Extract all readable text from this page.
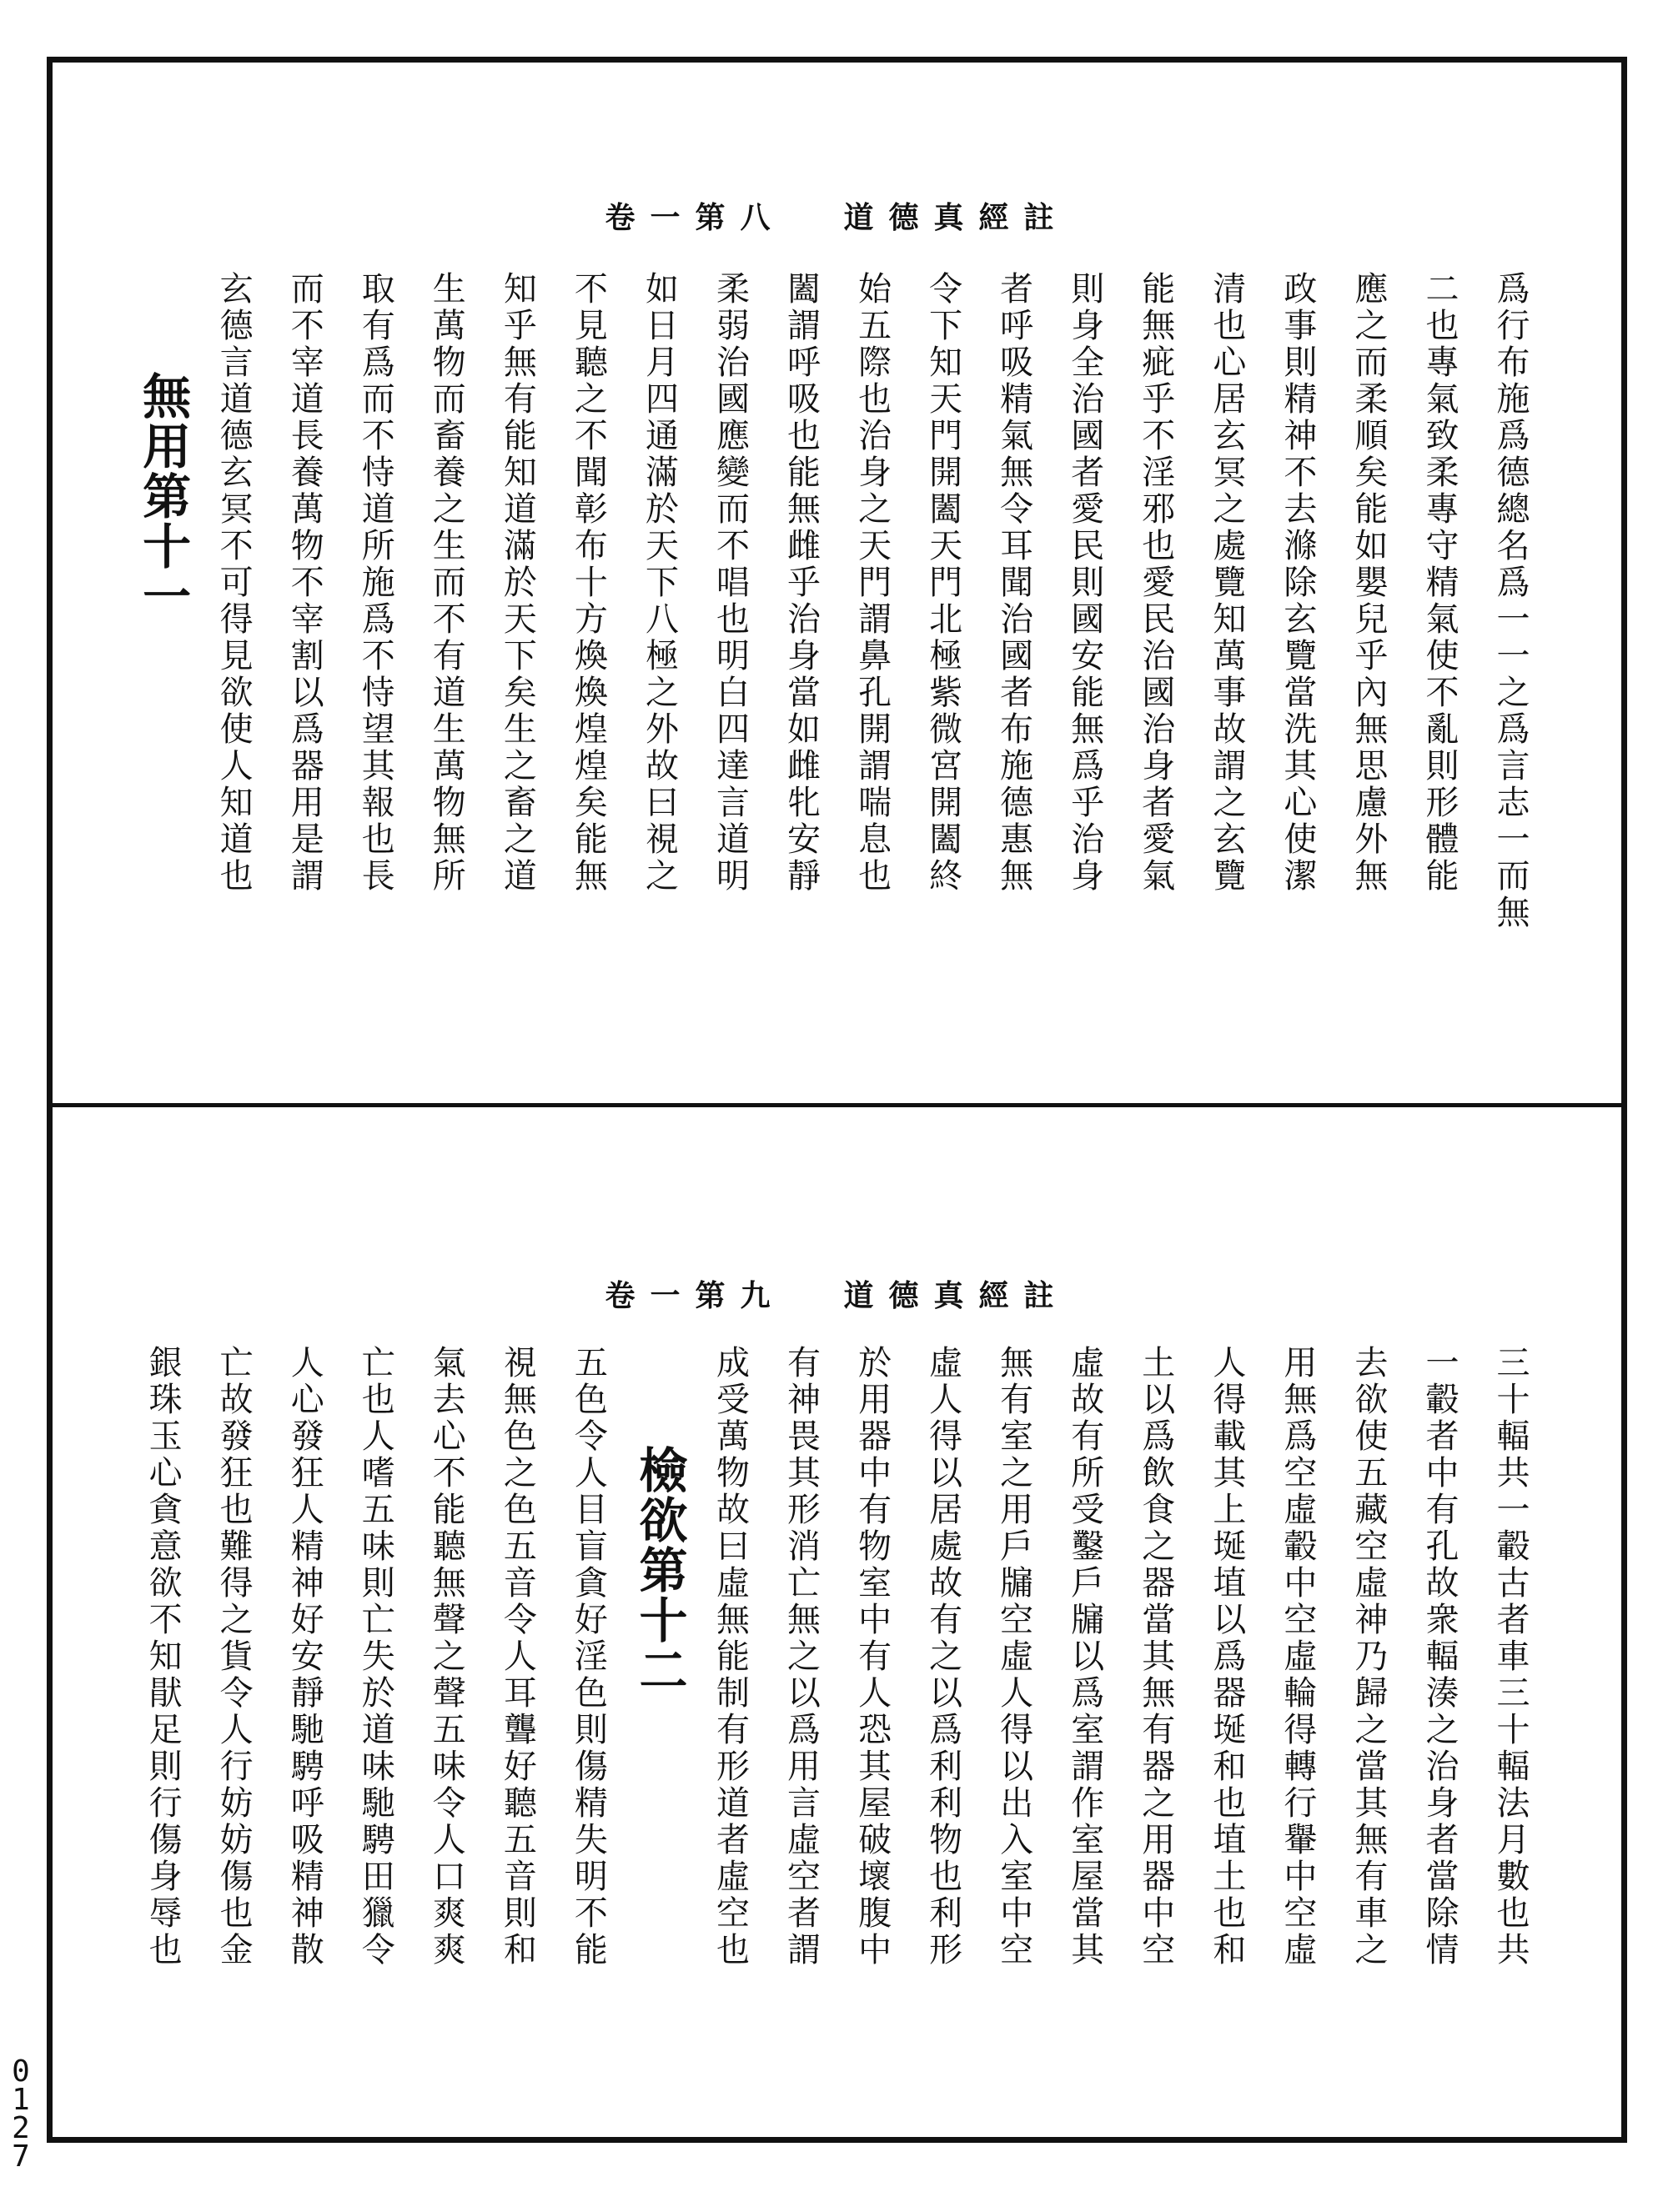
卷一第八 道德真經註
爲行布施爲德總名爲一一之爲言志一而無
二也專氣致柔專守精氣使不亂則形體能
應之而柔順矣能如嬰兒乎內無思慮外無
政事則精神不去滌除玄覽當洗其心使潔
清也心居玄冥之處覽知萬事故謂之玄覽
能無疵乎不淫邪也愛民治國治身者愛氣
則身全治國者愛民則國安能無爲乎治身
者呼吸精氣無令耳聞治國者布施德惠無
令下知天門開闔天門北極紫微宮開闔終
始五際也治身之天門謂鼻孔開謂喘息也
闔謂呼吸也能無雌乎治身當如雌牝安靜
柔弱治國應變而不唱也明白四達言道明
如日月四通滿於天下八極之外故曰視之
不見聽之不聞彰布十方煥煥煌煌矣能無
知乎無有能知道滿於天下矣生之畜之道
生萬物而畜養之生而不有道生萬物無所
取有爲而不恃道所施爲不恃望其報也長
而不宰道長養萬物不宰割以爲器用是謂
玄德言道德玄冥不可得見欲使人知道也
無用第十一
卷一第九 道德真經註
三十輻共一轂古者車三十輻法月數也共
一轂者中有孔故衆輻湊之治身者當除情
去欲使五藏空虛神乃歸之當其無有車之
用無爲空虛轂中空虛輪得轉行轝中空虛
人得載其上埏埴以爲器埏和也埴土也和
土以爲飲食之器當其無有器之用器中空
虛故有所受鑿戶牖以爲室謂作室屋當其
無有室之用戶牖空虛人得以出入室中空
虛人得以居處故有之以爲利利物也利形
於用器中有物室中有人恐其屋破壞腹中
有神畏其形消亡無之以爲用言虛空者謂
成受萬物故曰虛無能制有形道者虛空也
檢欲第十二
五色令人目盲貪好淫色則傷精失明不能
視無色之色五音令人耳聾好聽五音則和
氣去心不能聽無聲之聲五味令人口爽爽
亡也人嗜五味則亡失於道味馳騁田獵令
人心發狂人精神好安靜馳騁呼吸精神散
亡故發狂也難得之貨令人行妨妨傷也金
銀珠玉心貪意欲不知猒足則行傷身辱也
0
1
2
7
